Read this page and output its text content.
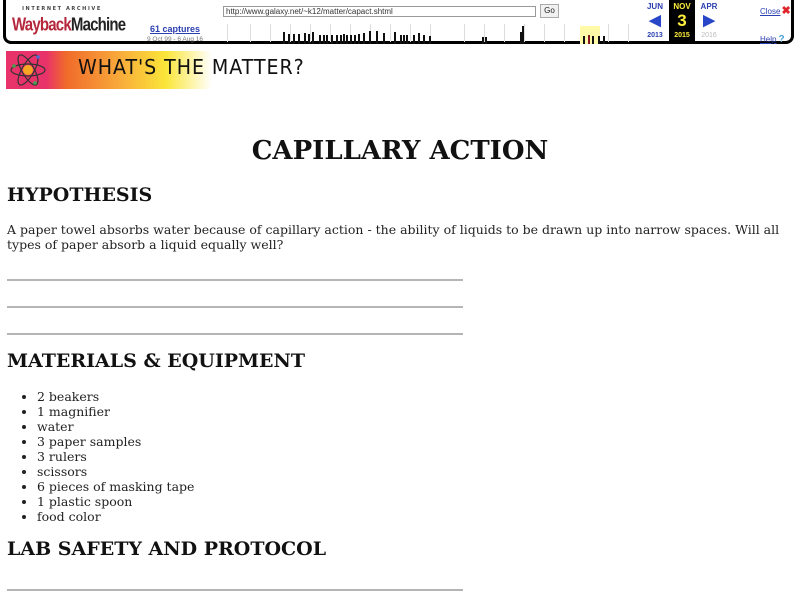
INTERNET ARCHIVE
WaybackMachine	61 captures
9 Oct 99 - 6 Aug 16
http://www.galaxy.net/~k12/matter/capact.shtml	Go	JUN
◀
2013
NOV
3
2015
APR
▶
2016
Close✖
Help ?
WHAT'S THE MATTER?
CAPILLARY ACTION
HYPOTHESIS

A paper towel absorbs water because of capillary action - the ability of liquids to be drawn up into narrow spaces. Will all types of paper absorb a liquid equally well?

MATERIALS & EQUIPMENT
• 2 beakers
• 1 magnifier
• water
• 3 paper samples
• 3 rulers
• scissors
• 6 pieces of masking tape
• 1 plastic spoon
• food color
LAB SAFETY AND PROTOCOL
